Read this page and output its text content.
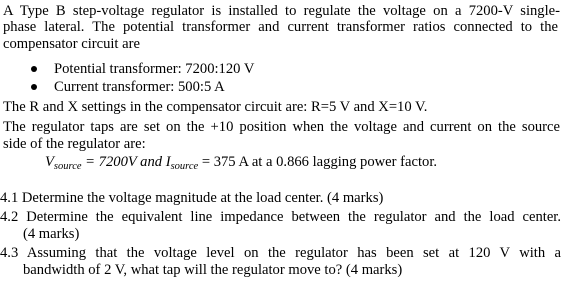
A Type B step-voltage regulator is installed to regulate the voltage on a 7200-V single-

phase lateral. The potential transformer and current transformer ratios connected to the

compensator circuit are

Potential transformer: 7200:120 V
Current transformer: 500:5 A

The R and X settings in the compensator circuit are: R=5 V and X=10 V.

The regulator taps are set on the +10 position when the voltage and current on the source

side of the regulator are:

$V_{source} = 7200V$ and $I_{source} = 375$ A at a 0.866 lagging power factor.

4.1 Determine the voltage magnitude at the load center. (4 marks)

4.2 Determine the equivalent line impedance between the regulator and the load center.

(4 marks)

4.3 Assuming that the voltage level on the regulator has been set at 120 V with a

bandwidth of 2 V, what tap will the regulator move to? (4 marks)
